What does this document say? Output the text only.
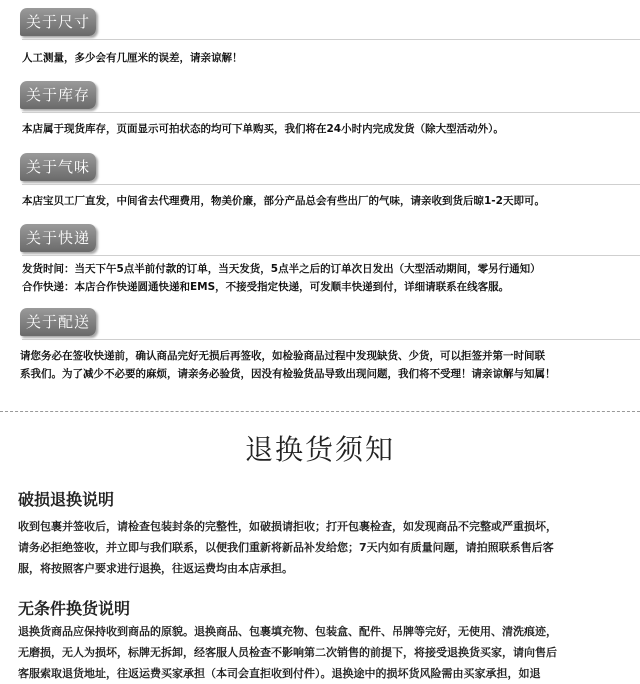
关于尺寸
人工测量，多少会有几厘米的误差，请亲谅解！
关于库存
本店属于现货库存，页面显示可拍状态的均可下单购买，我们将在24小时内完成发货（除大型活动外）。
关于气味
本店宝贝工厂直发，中间省去代理费用，物美价廉，部分产品总会有些出厂的气味，请亲收到货后晾1-2天即可。
关于快递
发货时间：当天下午5点半前付款的订单，当天发货，5点半之后的订单次日发出（大型活动期间，零另行通知）
合作快递：本店合作快递圆通快递和EMS，不接受指定快递，可发顺丰快递到付，详细请联系在线客服。
关于配送
请您务必在签收快递前，确认商品完好无损后再签收，如检验商品过程中发现缺货、少货，可以拒签并第一时间联
系我们。为了减少不必要的麻烦，请亲务必验货，因没有检验货品导致出现问题，我们将不受理！请亲谅解与知属！
退换货须知
破损退换说明
收到包裹并签收后，请检查包装封条的完整性，如破损请拒收；打开包裹检查，如发现商品不完整或严重损坏，
请务必拒绝签收，并立即与我们联系，以便我们重新将新品补发给您；7天内如有质量问题，请拍照联系售后客
服，将按照客户要求进行退换，往返运费均由本店承担。
无条件换货说明
退换货商品应保持收到商品的原貌。退换商品、包裹填充物、包装盒、配件、吊牌等完好，无使用、清洗痕迹，
无磨损，无人为损坏，标牌无拆卸，经客服人员检查不影响第二次销售的前提下，将接受退换货买家，请向售后
客服索取退货地址，往返运费买家承担（本司会直拒收到付件）。退换途中的损坏货风险需由买家承担，如退
